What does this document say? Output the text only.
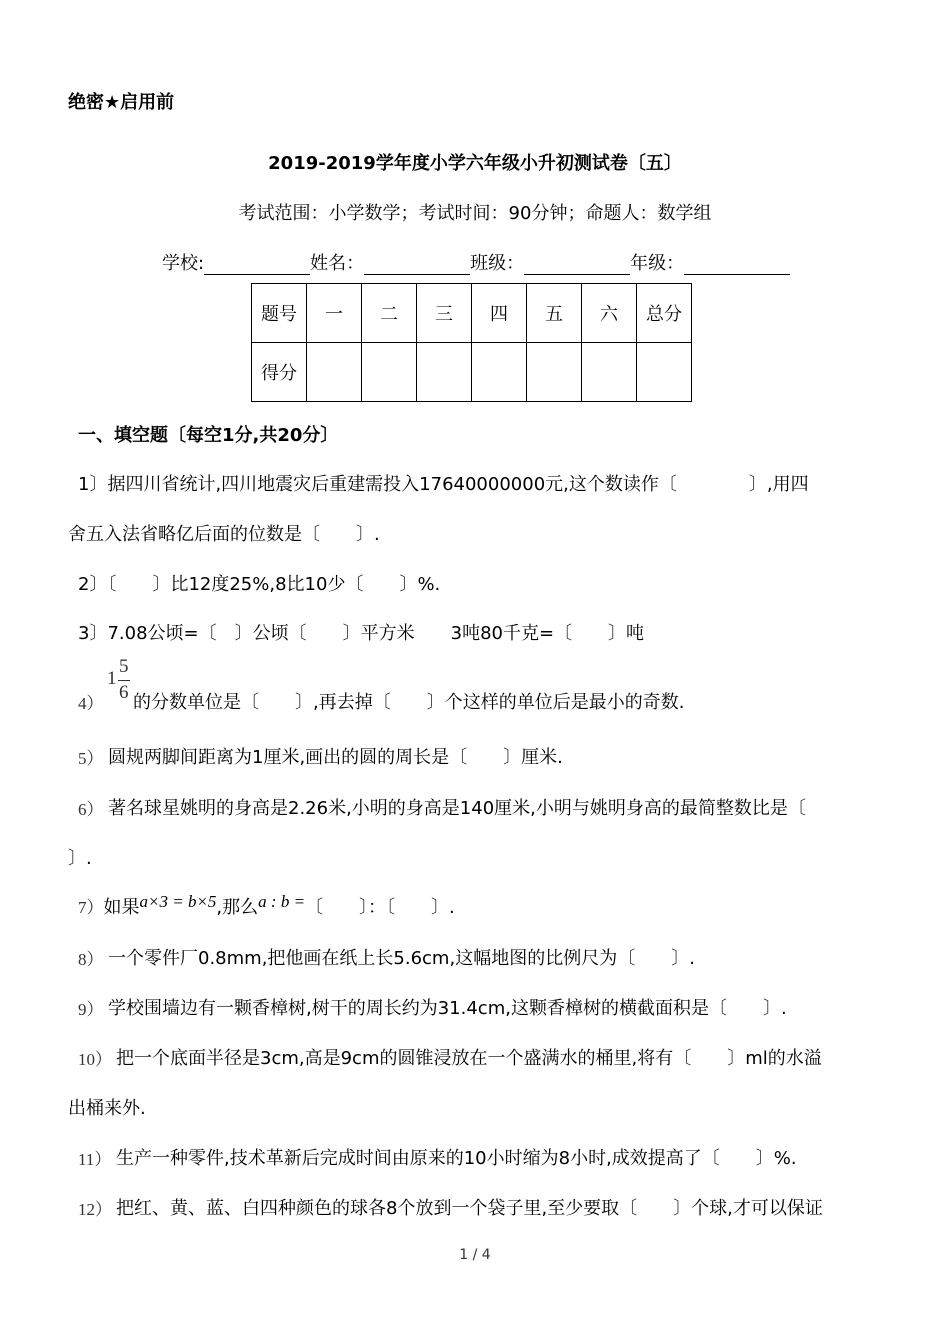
绝密★启用前
2019-2019学年度小学六年级小升初测试卷〔五〕
考试范围：小学数学；考试时间：90分钟；命题人：数学组
学校:	姓名：	班级：	年级：
题号	一	二	三	四	五	六	总分
得分							
一、填空题〔每空1分,共20分〕
1〕据四川省统计,四川地震灾后重建需投入17640000000元,这个数读作〔　　　　〕,用四
舍五入法省略亿后面的位数是〔　　〕.
2〕〔　　〕比12度25%,8比10少〔　　〕%.
3〕7.08公顷=〔　〕公顷〔　　〕平方米　　3吨80千克=〔　　〕吨
4）
1
5
6 的分数单位是〔　　〕,再去掉〔　　〕个这样的单位后是最小的奇数.
5） 圆规两脚间距离为1厘米,画出的圆的周长是〔　　〕厘米.
6） 著名球星姚明的身高是2.26米,小明的身高是140厘米,小明与姚明身高的最简整数比是〔
〕.
7）如果a×3 = b×5,那么a : b =〔　　〕：〔　　〕.
8） 一个零件厂0.8mm,把他画在纸上长5.6cm,这幅地图的比例尺为〔　　〕.
9） 学校围墙边有一颗香樟树,树干的周长约为31.4cm,这颗香樟树的横截面积是〔　　〕.
10） 把一个底面半径是3cm,高是9cm的圆锥浸放在一个盛满水的桶里,将有〔　　〕ml的水溢
出桶来外.
11） 生产一种零件,技术革新后完成时间由原来的10小时缩为8小时,成效提高了〔　　〕%.
12） 把红、黄、蓝、白四种颜色的球各8个放到一个袋子里,至少要取〔　　〕个球,才可以保证
1 / 4
